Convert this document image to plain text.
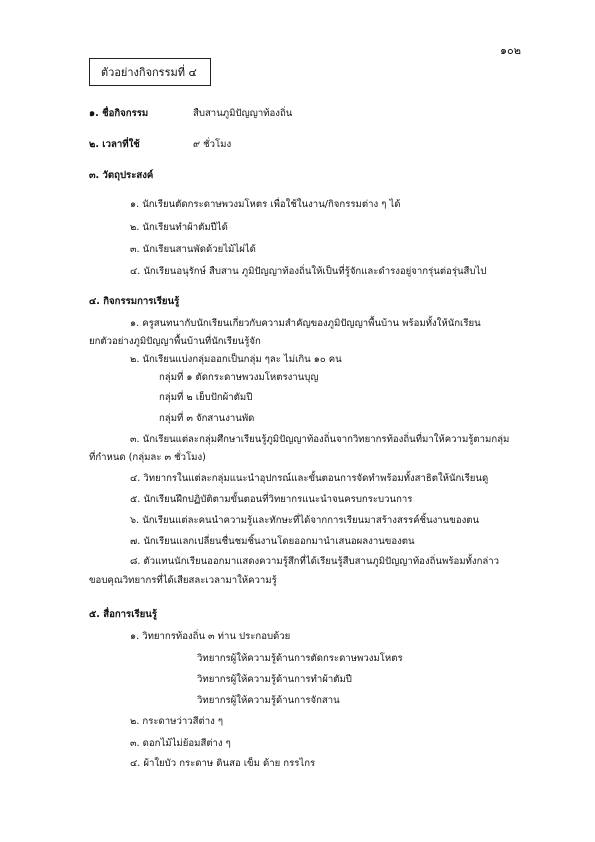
๑๐๒
ตัวอย่างกิจกรรมที่ ๔
๑. ชื่อกิจกรรม	สืบสานภูมิปัญญาท้องถิ่น
๒. เวลาที่ใช้	๙ ชั่วโมง
๓. วัตถุประสงค์
๑. นักเรียนตัดกระดาษพวงมโหตร เพื่อใช้ในงาน/กิจกรรมต่าง ๆ ได้
๒. นักเรียนทำผ้าตัมปีได้
๓. นักเรียนสานพัดด้วยไม้ไผ่ได้
๔. นักเรียนอนุรักษ์ สืบสาน ภูมิปัญญาท้องถิ่นให้เป็นที่รู้จักและดำรงอยู่จากรุ่นต่อรุ่นสืบไป
๔. กิจกรรมการเรียนรู้
๑. ครูสนทนากับนักเรียนเกี่ยวกับความสำคัญของภูมิปัญญาพื้นบ้าน พร้อมทั้งให้นักเรียน
ยกตัวอย่างภูมิปัญญาพื้นบ้านที่นักเรียนรู้จัก
๒. นักเรียนแบ่งกลุ่มออกเป็นกลุ่ม ๆละ ไม่เกิน ๑๐ คน
กลุ่มที่ ๑ ตัดกระดาษพวงมโหตรงานบุญ
กลุ่มที่ ๒ เย็บปักผ้าตัมปี
กลุ่มที่ ๓ จักสานงานพัด
๓. นักเรียนแต่ละกลุ่มศึกษาเรียนรู้ภูมิปัญญาท้องถิ่นจากวิทยากรท้องถิ่นที่มาให้ความรู้ตามกลุ่ม
ที่กำหนด (กลุ่มละ ๓ ชั่วโมง)
๔. วิทยากรในแต่ละกลุ่มแนะนำอุปกรณ์และขั้นตอนการจัดทำพร้อมทั้งสาธิตให้นักเรียนดู
๕. นักเรียนฝึกปฏิบัติตามขั้นตอนที่วิทยากรแนะนำจนครบกระบวนการ
๖. นักเรียนแต่ละคนนำความรู้และทักษะที่ได้จากการเรียนมาสร้างสรรค์ชิ้นงานของตน
๗. นักเรียนแลกเปลี่ยนชื่นชมชิ้นงานโดยออกมานำเสนอผลงานของตน
๘. ตัวแทนนักเรียนออกมาแสดงความรู้สึกที่ได้เรียนรู้สืบสานภูมิปัญญาท้องถิ่นพร้อมทั้งกล่าว
ขอบคุณวิทยากรที่ได้เสียสละเวลามาให้ความรู้
๕. สื่อการเรียนรู้
๑. วิทยากรท้องถิ่น ๓ ท่าน ประกอบด้วย
วิทยากรผู้ให้ความรู้ด้านการตัดกระดาษพวงมโหตร
วิทยากรผู้ให้ความรู้ด้านการทำผ้าตัมปี
วิทยากรผู้ให้ความรู้ด้านการจักสาน
๒. กระดาษว่าวสีต่าง ๆ
๓. ดอกไม้ไม่ย้อมสีต่าง ๆ
๔. ผ้าใยบัว กระดาษ ดินสอ เข็ม ด้าย กรรไกร
